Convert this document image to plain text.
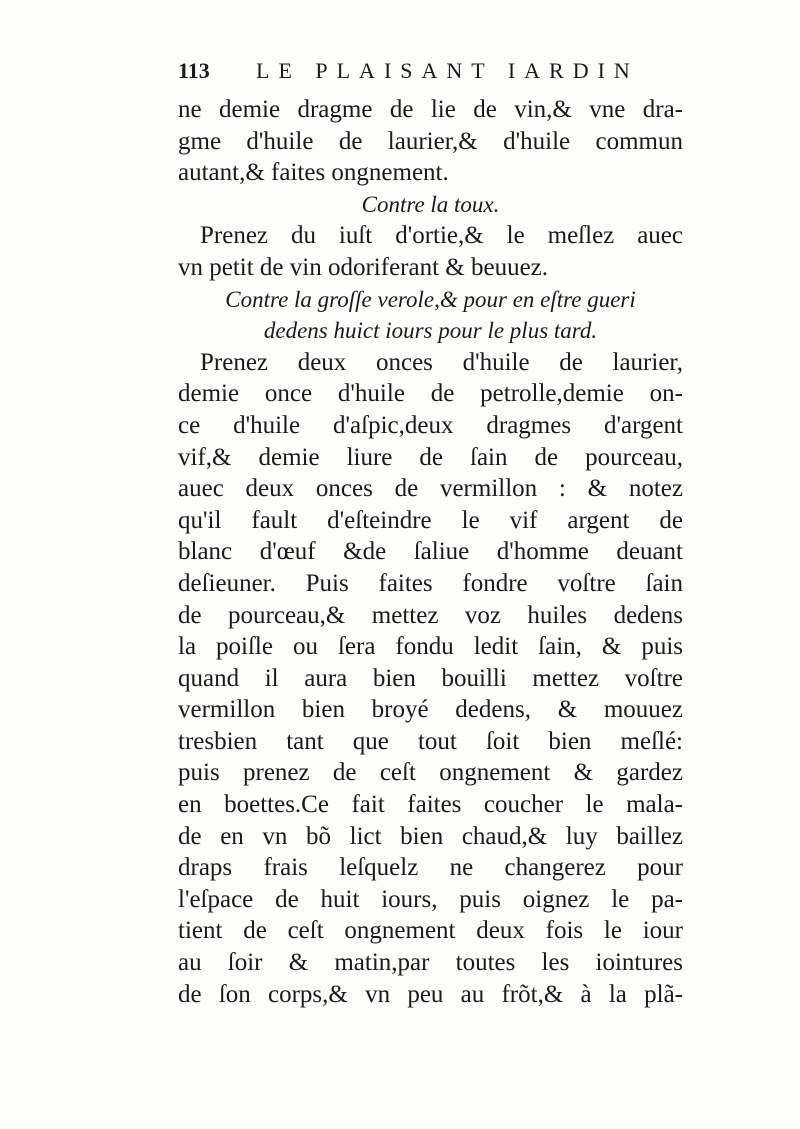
113 LE PLAISANT IARDIN
ne demie dragme de lie de vin,& vne dra-
gme d'huile de laurier,& d'huile commun
autant,& faites ongnement.
Contre la toux.
Prenez du iuſt d'ortie,& le meſlez auec
vn petit de vin odoriferant & beuuez.
Contre la groſſe verole,& pour en eſtre gueri
dedens huict iours pour le plus tard.
Prenez deux onces d'huile de laurier,
demie once d'huile de petrolle,demie on-
ce d'huile d'aſpic,deux dragmes d'argent
vif,& demie liure de ſain de pourceau,
auec deux onces de vermillon : & notez
qu'il fault d'eſteindre le vif argent de
blanc d'œuf &de ſaliue d'homme deuant
deſieuner. Puis faites fondre voſtre ſain
de pourceau,& mettez voz huiles dedens
la poiſle ou ſera fondu ledit ſain, & puis
quand il aura bien bouilli mettez voſtre
vermillon bien broyé dedens, & mouuez
tresbien tant que tout ſoit bien meſlé:
puis prenez de ceſt ongnement & gardez
en boettes.Ce fait faites coucher le mala-
de en vn bõ lict bien chaud,& luy baillez
draps frais leſquelz ne changerez pour
l'eſpace de huit iours, puis oignez le pa-
tient de ceſt ongnement deux fois le iour
au ſoir & matin,par toutes les iointures
de ſon corps,& vn peu au frõt,& à la plã-
